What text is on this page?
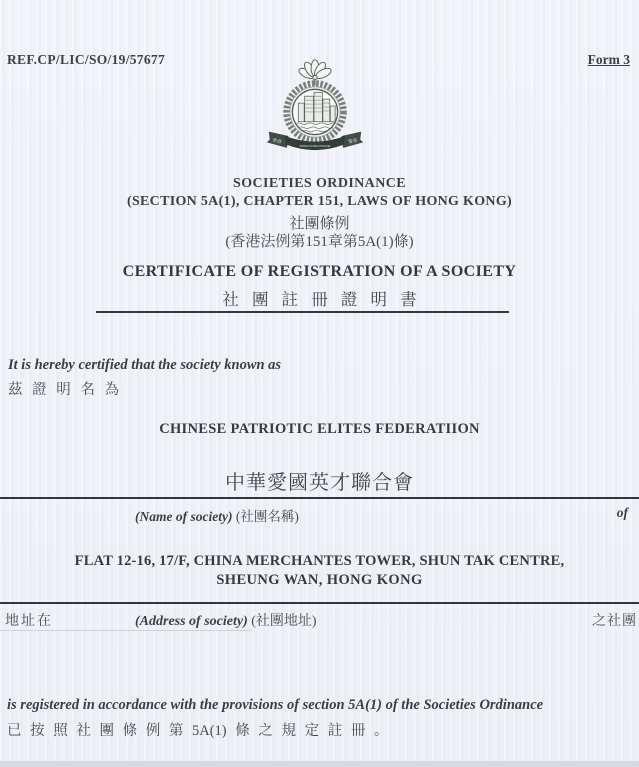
REF.CP/LIC/SO/19/57677	Form 3
HONG KONG POLICE
香港	警察
SOCIETIES ORDINANCE
(SECTION 5A(1), CHAPTER 151, LAWS OF HONG KONG)
社團條例
(香港法例第151章第5A(1)條)
CERTIFICATE OF REGISTRATION OF A SOCIETY
社 團 註 冊 證 明 書
It is hereby certified that the society known as
茲 證 明 名 為
CHINESE PATRIOTIC ELITES FEDERATIION
中華愛國英才聯合會
(Name of society) (社團名稱)	of
FLAT 12-16, 17/F, CHINA MERCHANTES TOWER, SHUN TAK CENTRE,
SHEUNG WAN, HONG KONG
地址在	(Address of society) (社團地址)	之社團
is registered in accordance with the provisions of section 5A(1) of the Societies Ordinance
已 按 照 社 團 條 例 第 5A(1) 條 之 規 定 註 冊 。
